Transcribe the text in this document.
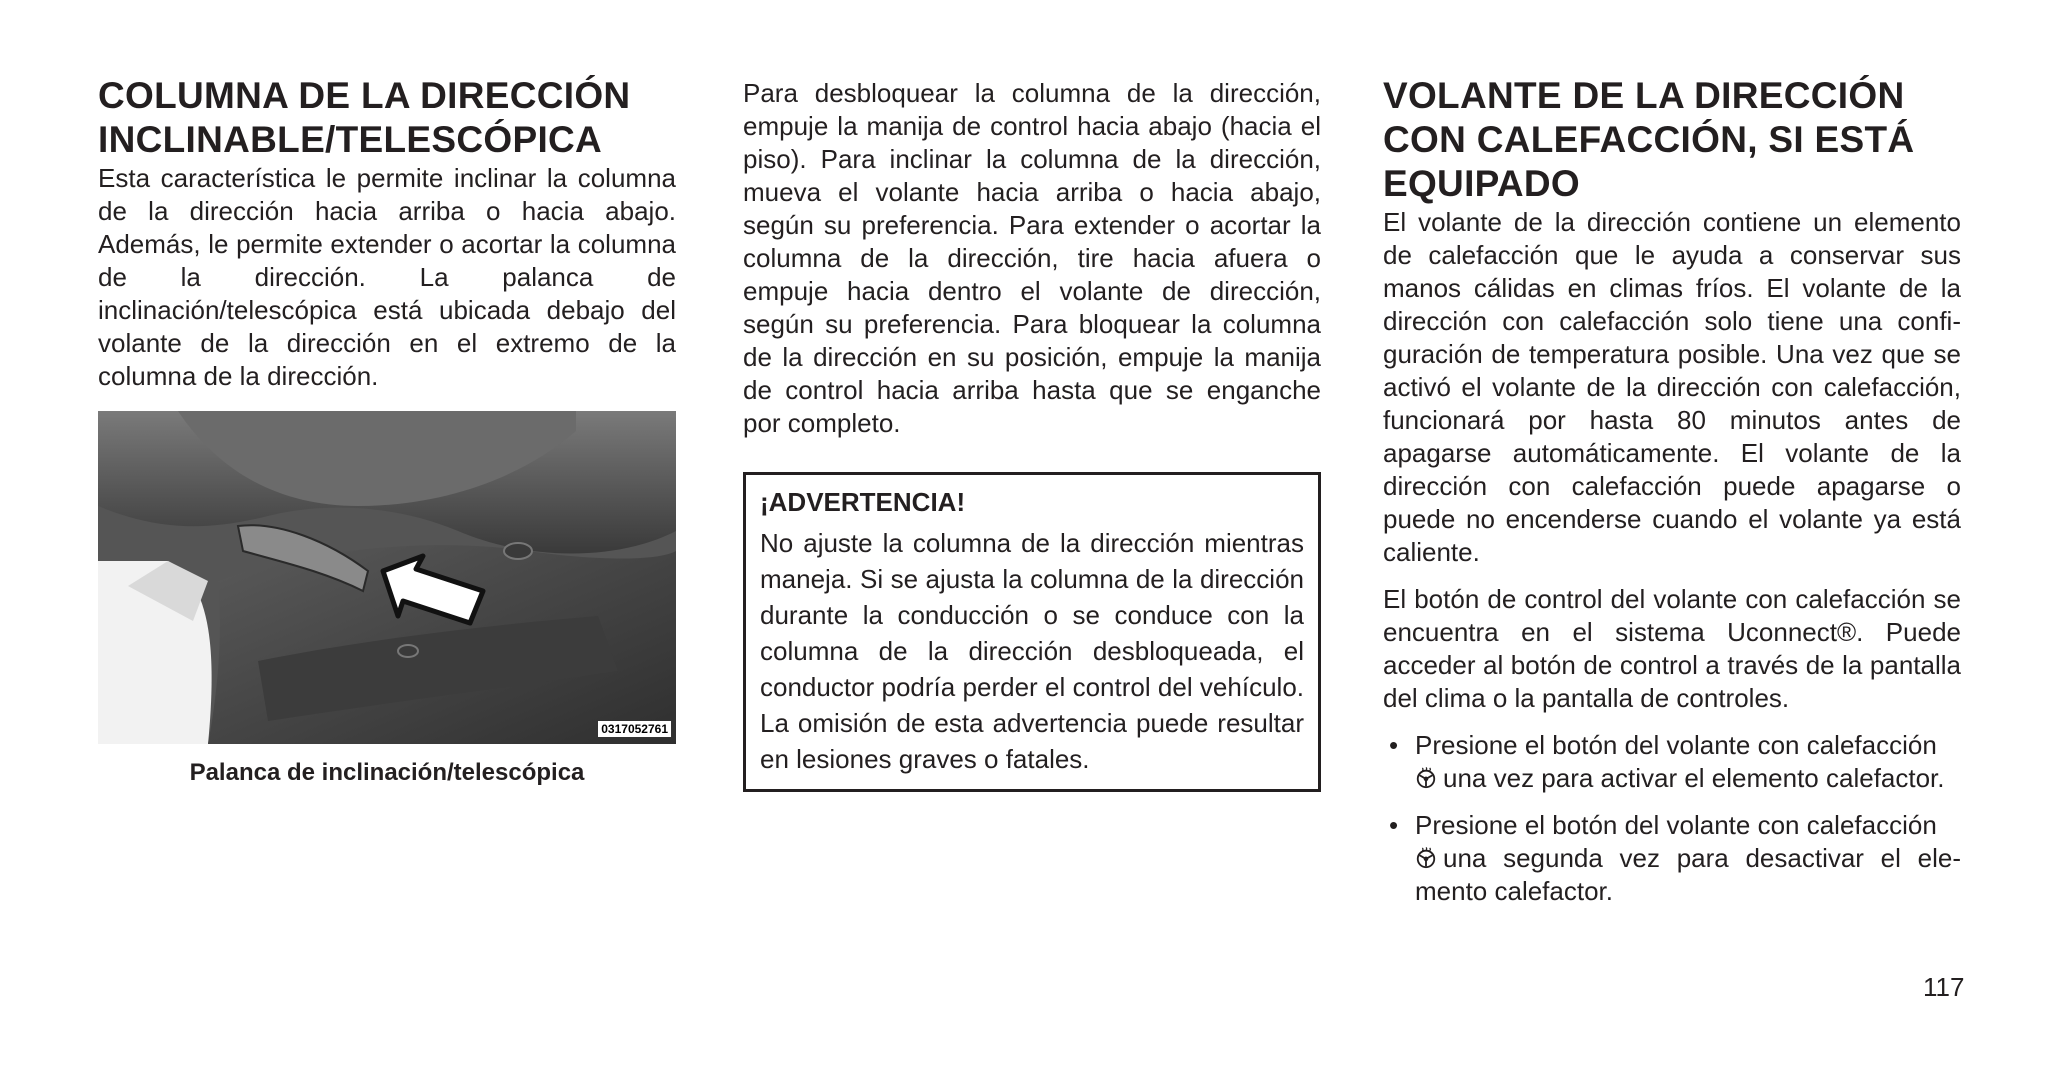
COLUMNA DE LA DIRECCIÓN
INCLINABLE/TELESCÓPICA

Esta característica le permite inclinar la columna de la dirección hacia arriba o hacia abajo. Además, le permite extender o acortar la columna de la dirección. La palanca de inclinación/telescópica está ubicada debajo del volante de la dirección en el extremo de la columna de la dirección.

0317052761

Palanca de inclinación/telescópica

Para desbloquear la columna de la dirección, empuje la manija de control hacia abajo (hacia el piso). Para inclinar la columna de la dirección, mueva el volante hacia arriba o hacia abajo, según su preferencia. Para extender o acortar la columna de la dirección, tire hacia afuera o empuje hacia dentro el volante de dirección, según su preferencia. Para bloquear la columna de la dirección en su posición, empuje la manija de control hacia arriba hasta que se enganche por completo.

¡ADVERTENCIA!

No ajuste la columna de la dirección mientras maneja. Si se ajusta la columna de la dirección durante la conducción o se conduce con la columna de la dirección desbloqueada, el conductor podría perder el control del vehículo. La omisión de esta advertencia puede resultar en lesiones graves o fatales.

VOLANTE DE LA DIRECCIÓN
CON CALEFACCIÓN, SI ESTÁ
EQUIPADO

El volante de la dirección contiene un elemento de calefacción que le ayuda a conservar sus manos cálidas en climas fríos. El volante de la dirección con calefacción solo tiene una configuración de temperatura posible. Una vez que se activó el volante de la dirección con calefacción, funcionará por hasta 80 minutos antes de apagarse automáticamente. El volante de la dirección con calefacción puede apagarse o puede no encenderse cuando el volante ya está caliente.

El botón de control del volante con calefacción se encuentra en el sistema Uconnect®. Puede acceder al botón de control a través de la pantalla del clima o la pantalla de controles.

• Presione el botón del volante con calefacción
una vez para activar el elemento calefactor.
• Presione el botón del volante con calefacción
una segunda vez para desactivar el elemento calefactor.
117
